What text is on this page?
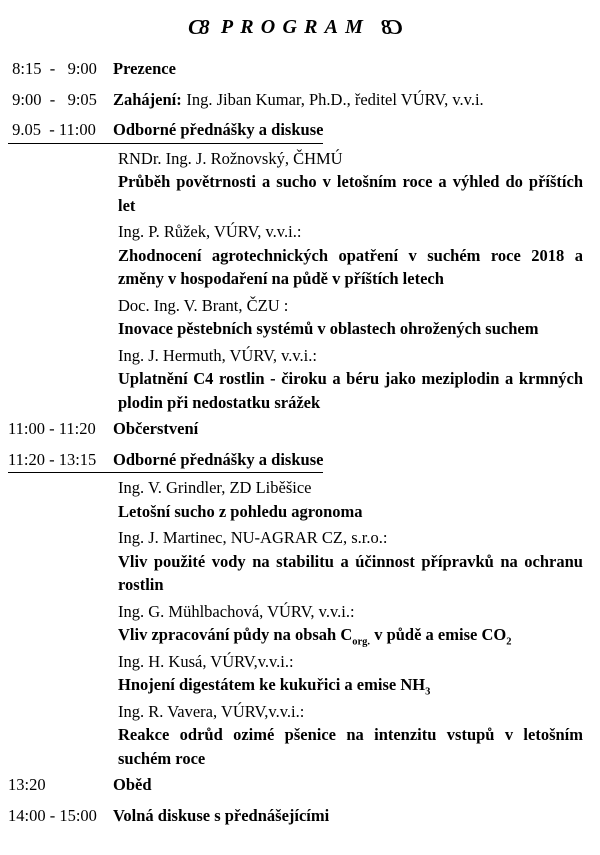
C8 PROGRAM C8
8:15  -   9:00 Prezence
9:00  -   9:05 Zahájení: Ing. Jiban Kumar, Ph.D., ředitel VÚRV, v.v.i.
9.05  - 11:00 Odborné přednášky a diskuse
RNDr. Ing. J. Rožnovský, ČHMÚ
Průběh povětrnosti a sucho v letošním roce a výhled do příštích let
Ing. P. Růžek, VÚRV, v.v.i.:
Zhodnocení agrotechnických opatření v suchém roce 2018 a změny v hospodaření na půdě v příštích letech
Doc. Ing. V. Brant, ČZU :
Inovace pěstebních systémů v oblastech ohrožených suchem
Ing. J. Hermuth, VÚRV, v.v.i.:
Uplatnění C4 rostlin - čiroku a béru jako meziplodin a krmných plodin při nedostatku srážek
11:00 - 11:20 Občerstvení
11:20 - 13:15 Odborné přednášky a diskuse
Ing. V. Grindler, ZD Liběšice
Letošní sucho z pohledu agronoma
Ing. J. Martinec, NU-AGRAR CZ, s.r.o.:
Vliv použité vody na stabilitu a účinnost přípravků na ochranu rostlin
Ing. G. Mühlbachová, VÚRV, v.v.i.:
Vliv zpracování půdy na obsah $C_{org.}$ v půdě a emise $CO_2$
Ing. H. Kusá, VÚRV,v.v.i.:
Hnojení digestátem ke kukuřici a emise $NH_3$
Ing. R. Vavera, VÚRV,v.v.i.:
Reakce odrůd ozimé pšenice na intenzitu vstupů v letošním suchém roce
13:20	Oběd
14:00 - 15:00 Volná diskuse s přednášejícími
